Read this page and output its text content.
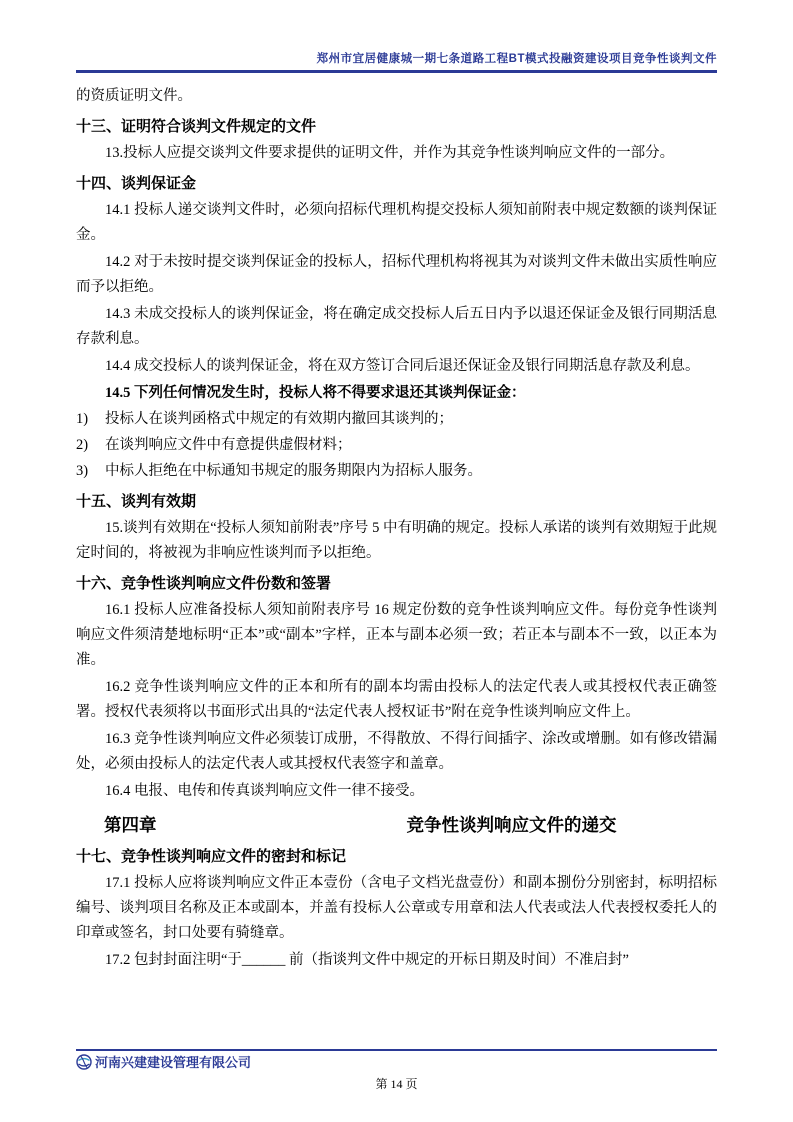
郑州市宜居健康城一期七条道路工程BT模式投融资建设项目竞争性谈判文件

的资质证明文件。

十三、证明符合谈判文件规定的文件

13.投标人应提交谈判文件要求提供的证明文件，并作为其竞争性谈判响应文件的一部分。

十四、谈判保证金

14.1 投标人递交谈判文件时，必须向招标代理机构提交投标人须知前附表中规定数额的谈判保证金。

14.2 对于未按时提交谈判保证金的投标人，招标代理机构将视其为对谈判文件未做出实质性响应而予以拒绝。

14.3 未成交投标人的谈判保证金，将在确定成交投标人后五日内予以退还保证金及银行同期活息存款利息。

14.4 成交投标人的谈判保证金，将在双方签订合同后退还保证金及银行同期活息存款及利息。

14.5 下列任何情况发生时，投标人将不得要求退还其谈判保证金：

1)	投标人在谈判函格式中规定的有效期内撤回其谈判的；
2)	在谈判响应文件中有意提供虚假材料；
3)	中标人拒绝在中标通知书规定的服务期限内为招标人服务。
十五、谈判有效期

15.谈判有效期在“投标人须知前附表”序号 5 中有明确的规定。投标人承诺的谈判有效期短于此规定时间的，将被视为非响应性谈判而予以拒绝。

十六、竞争性谈判响应文件份数和签署

16.1 投标人应准备投标人须知前附表序号 16 规定份数的竞争性谈判响应文件。每份竞争性谈判响应文件须清楚地标明“正本”或“副本”字样，正本与副本必须一致；若正本与副本不一致，以正本为准。

16.2 竞争性谈判响应文件的正本和所有的副本均需由投标人的法定代表人或其授权代表正确签署。授权代表须将以书面形式出具的“法定代表人授权证书”附在竞争性谈判响应文件上。

16.3 竞争性谈判响应文件必须装订成册，不得散放、不得行间插字、涂改或增删。如有修改错漏处，必须由投标人的法定代表人或其授权代表签字和盖章。

16.4 电报、电传和传真谈判响应文件一律不接受。

第四章	竞争性谈判响应文件的递交
十七、竞争性谈判响应文件的密封和标记

17.1 投标人应将谈判响应文件正本壹份（含电子文档光盘壹份）和副本捌份分别密封，标明招标编号、谈判项目名称及正本或副本，并盖有投标人公章或专用章和法人代表或法人代表授权委托人的印章或签名，封口处要有骑缝章。

17.2 包封封面注明“于______ 前（指谈判文件中规定的开标日期及时间）不准启封”

河南兴建建设管理有限公司
第 14 页
